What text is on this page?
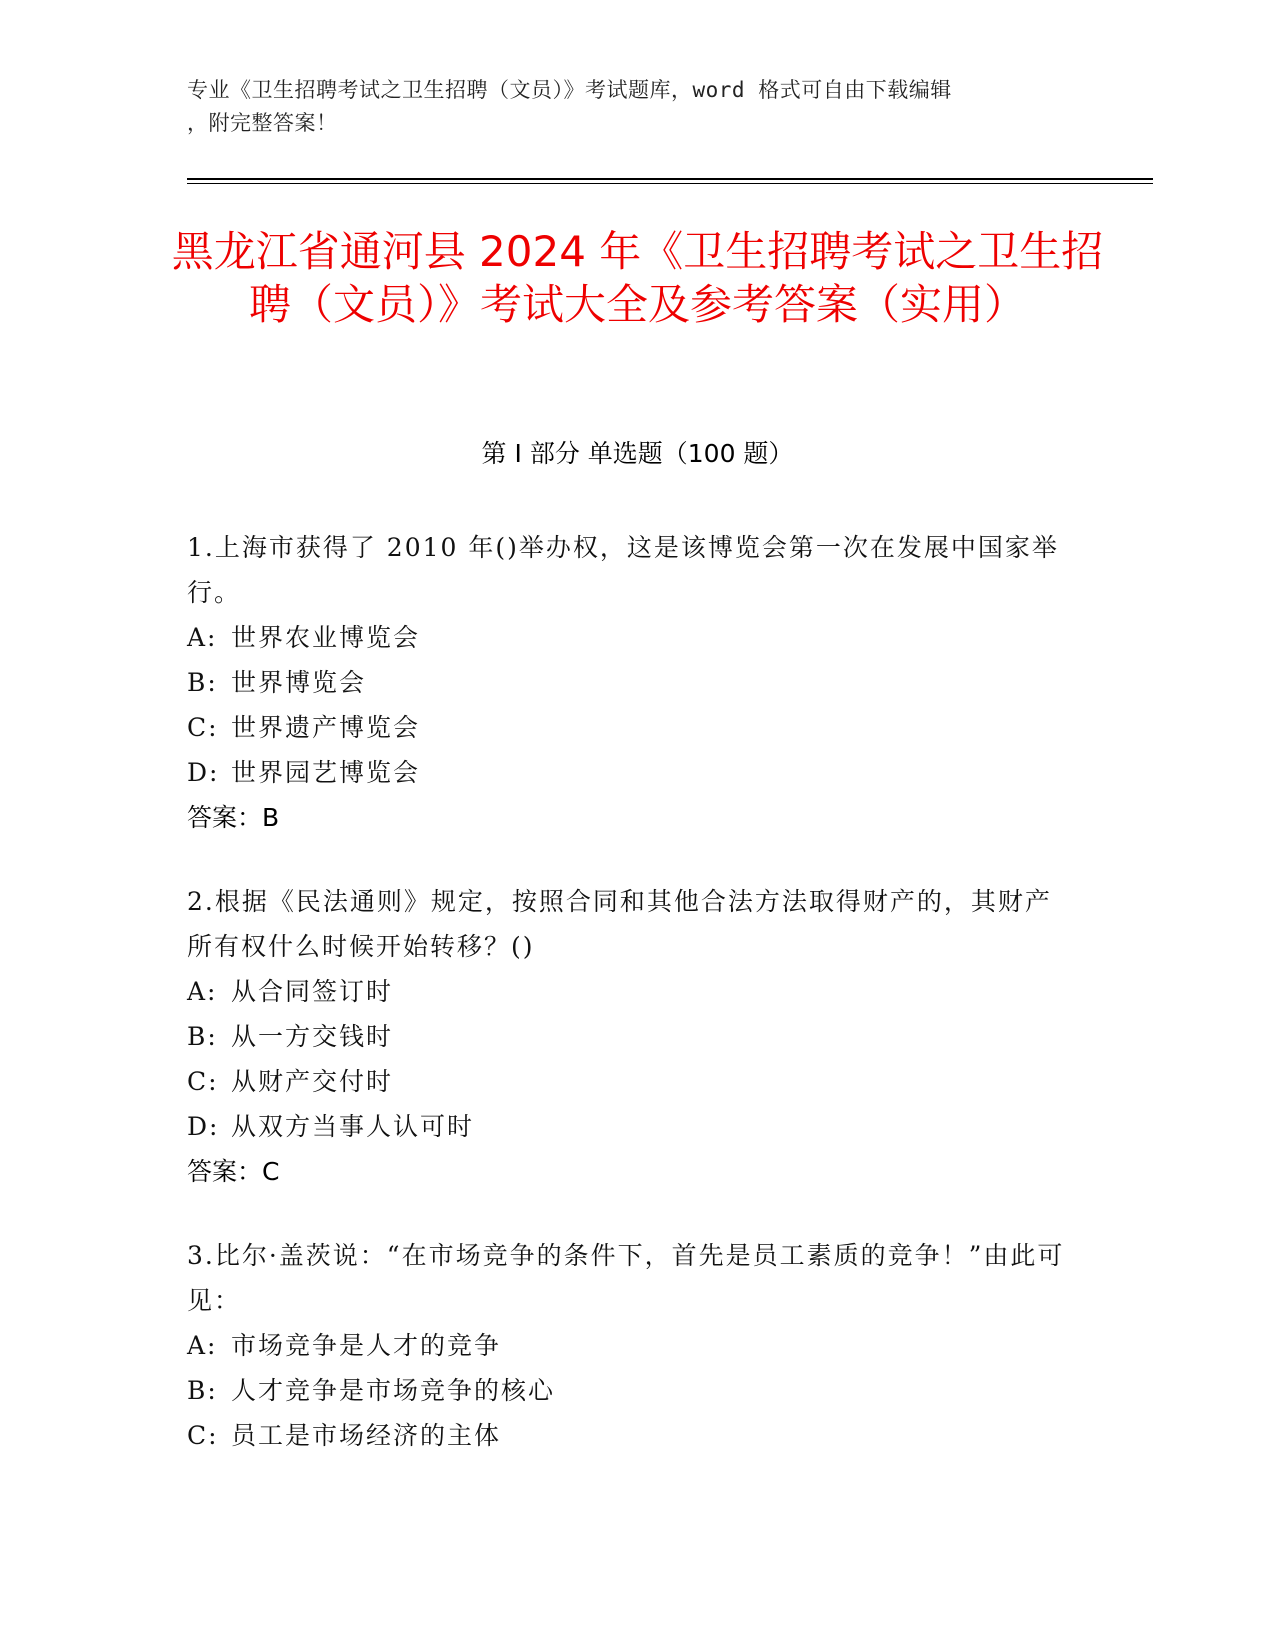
专业《卫生招聘考试之卫生招聘（文员）》考试题库，word 格式可自由下载编辑
，附完整答案！
黑龙江省通河县 2024 年《卫生招聘考试之卫生招聘（文员）》考试大全及参考答案（实用）
第 I 部分 单选题（100 题）
1.上海市获得了 2010 年()举办权，这是该博览会第一次在发展中国家举行。
A: 世界农业博览会
B: 世界博览会
C: 世界遗产博览会
D: 世界园艺博览会
答案：B
2.根据《民法通则》规定，按照合同和其他合法方法取得财产的，其财产所有权什么时候开始转移？()
A: 从合同签订时
B: 从一方交钱时
C: 从财产交付时
D: 从双方当事人认可时
答案：C
3.比尔·盖茨说：“在市场竞争的条件下，首先是员工素质的竞争！”由此可见：
A: 市场竞争是人才的竞争
B: 人才竞争是市场竞争的核心
C: 员工是市场经济的主体
